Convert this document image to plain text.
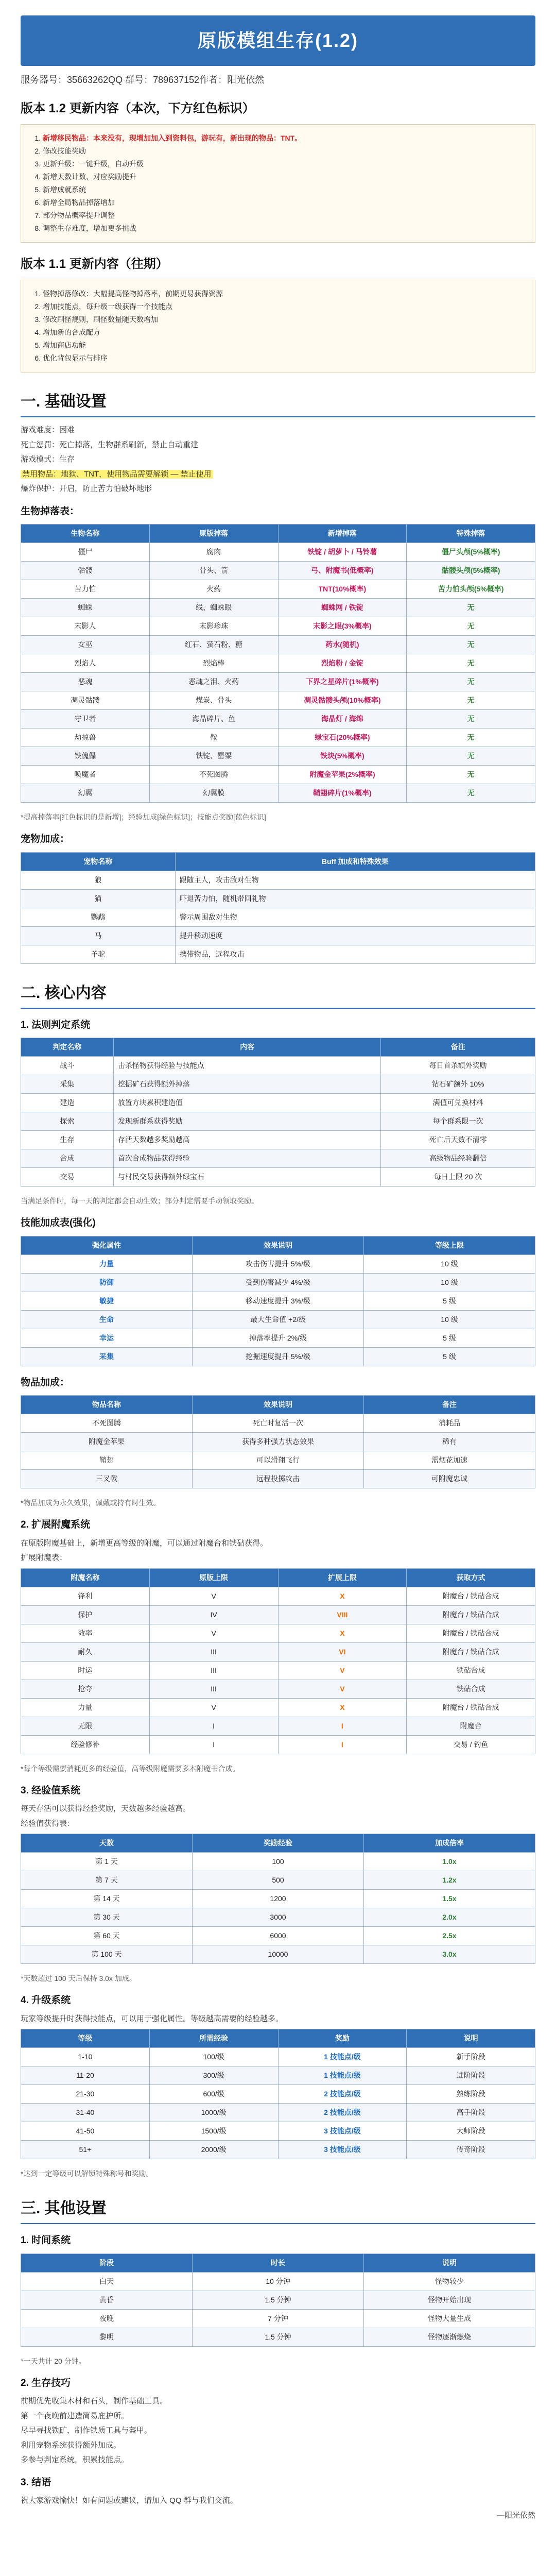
原版模组生存(1.2)
服务器号：35663262QQ 群号：789637152作者：阳光依然
版本 1.2 更新内容（本次，下方红色标识）
1. 新增移民物品：本来没有，现增加加入到资料包，游玩有，新出现的物品：TNT。
2. 修改技能奖励
3. 更新升级：一键升级，自动升级
4. 新增天数计数、对应奖励提升
5. 新增成就系统
6. 新增全局物品掉落增加
7. 部分物品概率提升调整
8. 调整生存难度，增加更多挑战
版本 1.1 更新内容（往期）
1. 怪物掉落修改：大幅提高怪物掉落率，前期更易获得资源
2. 增加技能点，每升级一级获得一个技能点
3. 修改刷怪规则，刷怪数量随天数增加
4. 增加新的合成配方
5. 增加商店功能
6. 优化背包显示与排序
一. 基础设置

游戏难度：困难

死亡惩罚：死亡掉落，生物群系刷新，禁止自动重建

游戏模式：生存

禁用物品：地狱、TNT，使用物品需要解锁 — 禁止使用

爆炸保护：开启，防止苦力怕破坏地形

生物掉落表：
生物名称	原版掉落	新增掉落	特殊掉落
僵尸	腐肉	铁锭 / 胡萝卜 / 马铃薯	僵尸头颅(5%概率)
骷髅	骨头、箭	弓、附魔书(低概率)	骷髅头颅(5%概率)
苦力怕	火药	TNT(10%概率)	苦力怕头颅(5%概率)
蜘蛛	线、蜘蛛眼	蜘蛛网 / 铁锭	无
末影人	末影珍珠	末影之眼(3%概率)	无
女巫	红石、萤石粉、糖	药水(随机)	无
烈焰人	烈焰棒	烈焰粉 / 金锭	无
恶魂	恶魂之泪、火药	下界之星碎片(1%概率)	无
凋灵骷髅	煤炭、骨头	凋灵骷髅头颅(10%概率)	无
守卫者	海晶碎片、鱼	海晶灯 / 海绵	无
劫掠兽	鞍	绿宝石(20%概率)	无
铁傀儡	铁锭、罂粟	铁块(5%概率)	无
唤魔者	不死图腾	附魔金苹果(2%概率)	无
幻翼	幻翼膜	鞘翅碎片(1%概率)	无

*提高掉落率[红色标识的是新增]；经验加成[绿色标识]；技能点奖励[蓝色标识]

宠物加成：
宠物名称	Buff 加成和特殊效果
狼	跟随主人，攻击敌对生物
猫	吓退苦力怕，随机带回礼物
鹦鹉	警示周围敌对生物
马	提升移动速度
羊驼	携带物品，远程攻击
二. 核心内容
1. 法则判定系统
判定名称	内容	备注
战斗	击杀怪物获得经验与技能点	每日首杀额外奖励
采集	挖掘矿石获得额外掉落	钻石矿额外 10%
建造	放置方块累积建造值	满值可兑换材料
探索	发现新群系获得奖励	每个群系限一次
生存	存活天数越多奖励越高	死亡后天数不清零
合成	首次合成物品获得经验	高级物品经验翻倍
交易	与村民交易获得额外绿宝石	每日上限 20 次

当满足条件时，每一天的判定都会自动生效；部分判定需要手动领取奖励。

技能加成表(强化)
强化属性	效果说明	等级上限
力量	攻击伤害提升 5%/级	10 级
防御	受到伤害减少 4%/级	10 级
敏捷	移动速度提升 3%/级	5 级
生命	最大生命值 +2/级	10 级
幸运	掉落率提升 2%/级	5 级
采集	挖掘速度提升 5%/级	5 级
物品加成：
物品名称	效果说明	备注
不死图腾	死亡时复活一次	消耗品
附魔金苹果	获得多种强力状态效果	稀有
鞘翅	可以滑翔飞行	需烟花加速
三叉戟	远程投掷攻击	可附魔忠诚

*物品加成为永久效果，佩戴或持有时生效。

2. 扩展附魔系统

在原版附魔基础上，新增更高等级的附魔，可以通过附魔台和铁砧获得。

扩展附魔表：

附魔名称	原版上限	扩展上限	获取方式
锋利	V	X	附魔台 / 铁砧合成
保护	IV	VIII	附魔台 / 铁砧合成
效率	V	X	附魔台 / 铁砧合成
耐久	III	VI	附魔台 / 铁砧合成
时运	III	V	铁砧合成
抢夺	III	V	铁砧合成
力量	V	X	附魔台 / 铁砧合成
无限	I	I	附魔台
经验修补	I	I	交易 / 钓鱼

*每个等级需要消耗更多的经验值，高等级附魔需要多本附魔书合成。

3. 经验值系统

每天存活可以获得经验奖励，天数越多经验越高。

经验值获得表：

天数	奖励经验	加成倍率
第 1 天	100	1.0x
第 7 天	500	1.2x
第 14 天	1200	1.5x
第 30 天	3000	2.0x
第 60 天	6000	2.5x
第 100 天	10000	3.0x

*天数超过 100 天后保持 3.0x 加成。

4. 升级系统

玩家等级提升时获得技能点，可以用于强化属性。等级越高需要的经验越多。

等级	所需经验	奖励	说明
1-10	100/级	1 技能点/级	新手阶段
11-20	300/级	1 技能点/级	进阶阶段
21-30	600/级	2 技能点/级	熟练阶段
31-40	1000/级	2 技能点/级	高手阶段
41-50	1500/级	3 技能点/级	大师阶段
51+	2000/级	3 技能点/级	传奇阶段

*达到一定等级可以解锁特殊称号和奖励。

三. 其他设置
1. 时间系统
阶段	时长	说明
白天	10 分钟	怪物较少
黄昏	1.5 分钟	怪物开始出现
夜晚	7 分钟	怪物大量生成
黎明	1.5 分钟	怪物逐渐燃烧

*一天共计 20 分钟。

2. 生存技巧

前期优先收集木材和石头，制作基础工具。

第一个夜晚前建造简易庇护所。

尽早寻找铁矿，制作铁质工具与盔甲。

利用宠物系统获得额外加成。

多参与判定系统，积累技能点。

3. 结语

祝大家游戏愉快！如有问题或建议，请加入 QQ 群与我们交流。

—阳光依然
